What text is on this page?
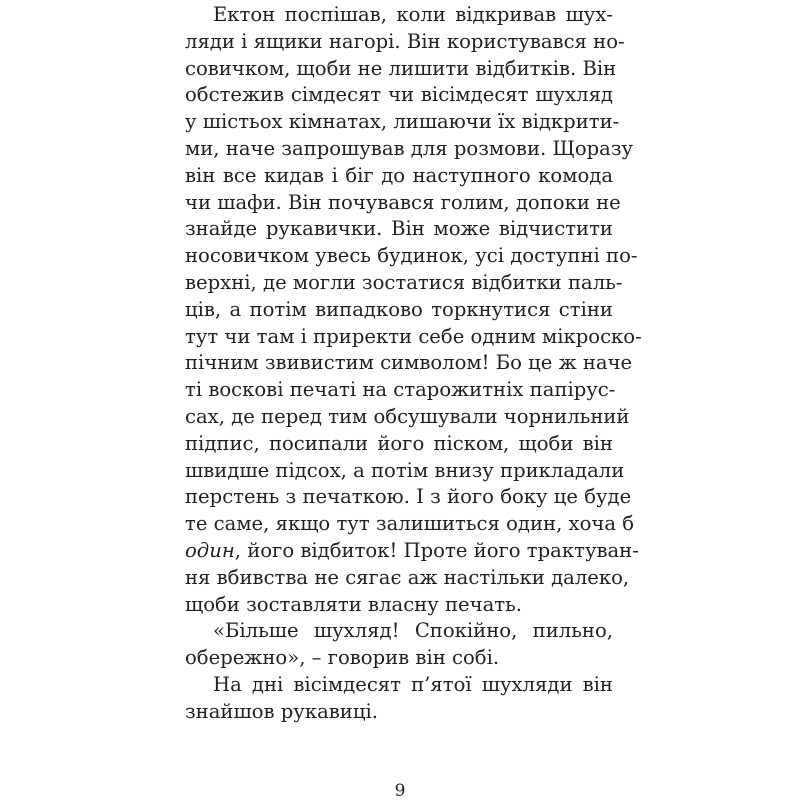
Ектон поспішав, коли відкривав шух-
ляди і ящики нагорі. Він користувався но-
совичком, щоби не лишити відбитків. Він
обстежив сімдесят чи вісімдесят шухляд
у шістьох кімнатах, лишаючи їх відкрити-
ми, наче запрошував для розмови. Щоразу
він все кидав і біг до наступного комода
чи шафи. Він почувався голим, допоки не
знайде рукавички. Він може відчистити
носовичком увесь будинок, усі доступні по-
верхні, де могли зостатися відбитки паль-
ців, а потім випадково торкнутися стіни
тут чи там і приректи себе одним мікроско-
пічним звивистим символом! Бо це ж наче
ті воскові печаті на старожитніх папірус-
сах, де перед тим обсушували чорнильний
підпис, посипали його піском, щоби він
швидше підсох, а потім внизу прикладали
перстень з печаткою. І з його боку це буде
те саме, якщо тут залишиться один, хоча б
один, його відбиток! Проте його трактуван-
ня вбивства не сягає аж настільки далеко,
щоби зоставляти власну печать.
«Більше шухляд! Спокійно, пильно,
обережно», – говорив він собі.
На дні вісімдесят п’ятої шухляди він
знайшов рукавиці.
9
